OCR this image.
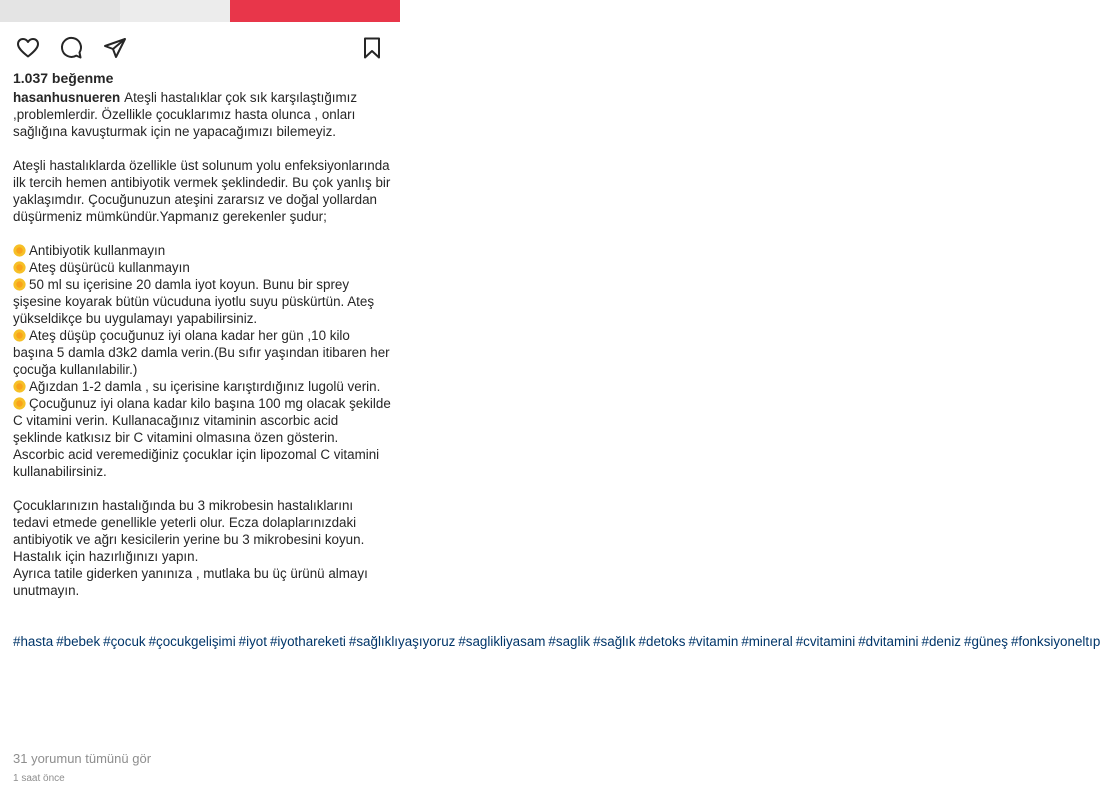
1.037 beğenme

hasanhusnueren Ateşli hastalıklar çok sık karşılaştığımız ,problemlerdir. Özellikle çocuklarımız hasta olunca , onları sağlığına kavuşturmak için ne yapacağımızı bilemeyiz.

Ateşli hastalıklarda özellikle üst solunum yolu enfeksiyonlarında ilk tercih hemen antibiyotik vermek şeklindedir. Bu çok yanlış bir yaklaşımdır. Çocuğunuzun ateşini zararsız ve doğal yollardan düşürmeniz mümkündür.Yapmanız gerekenler şudur;

Antibiyotik kullanmayın
Ateş düşürücü kullanmayın
50 ml su içerisine 20 damla iyot koyun. Bunu bir sprey şişesine koyarak bütün vücuduna iyotlu suyu püskürtün. Ateş yükseldikçe bu uygulamayı yapabilirsiniz.
Ateş düşüp çocuğunuz iyi olana kadar her gün ,10 kilo başına 5 damla d3k2 damla verin.(Bu sıfır yaşından itibaren her çocuğa kullanılabilir.)
Ağızdan 1-2 damla , su içerisine karıştırdığınız lugolü verin.
Çocuğunuz iyi olana kadar kilo başına 100 mg olacak şekilde C vitamini verin. Kullanacağınız vitaminin ascorbic acid şeklinde katkısız bir C vitamini olmasına özen gösterin. Ascorbic acid veremediğiniz çocuklar için lipozomal C vitamini kullanabilirsiniz.

Çocuklarınızın hastalığında bu 3 mikrobesin hastalıklarını tedavi etmede genellikle yeterli olur. Ecza dolaplarınızdaki antibiyotik ve ağrı kesicilerin yerine bu 3 mikrobesini koyun. Hastalık için hazırlığınızı yapın.
Ayrıca tatile giderken yanınıza , mutlaka bu üç ürünü almayı unutmayın.

#hasta #bebek #çocuk #çocukgelişimi #iyot #iyothareketi #sağlıklıyaşıyoruz #saglikliyasam #saglik #sağlık #detoks #vitamin #mineral #cvitamini #dvitamini #deniz #güneş #fonksiyoneltıp

31 yorumun tümünü gör
1 saat önce
